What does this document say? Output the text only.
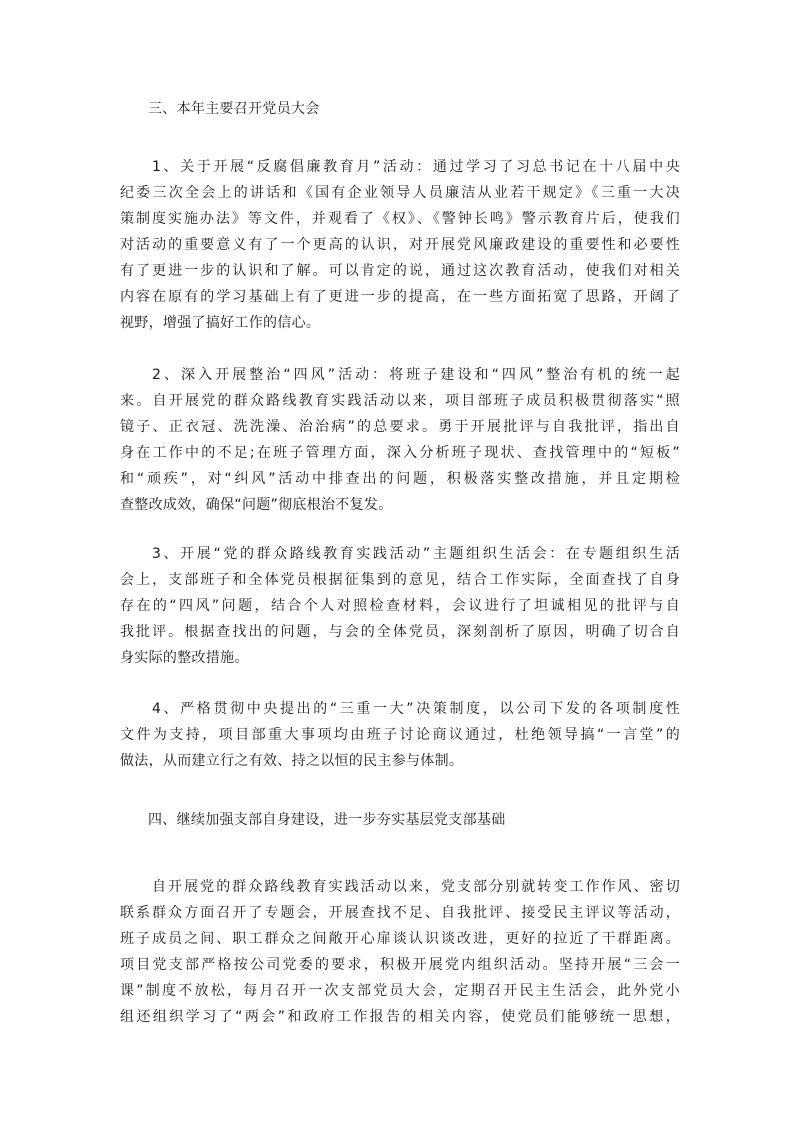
三、本年主要召开党员大会
1、关于开展“反腐倡廉教育月”活动：通过学习了习总书记在十八届中央
纪委三次全会上的讲话和《国有企业领导人员廉洁从业若干规定》《三重一大决
策制度实施办法》等文件，并观看了《权》、《警钟长鸣》警示教育片后，使我们
对活动的重要意义有了一个更高的认识，对开展党风廉政建设的重要性和必要性
有了更进一步的认识和了解。可以肯定的说，通过这次教育活动，使我们对相关
内容在原有的学习基础上有了更进一步的提高，在一些方面拓宽了思路，开阔了
视野，增强了搞好工作的信心。
2、深入开展整治“四风”活动：将班子建设和“四风”整治有机的统一起
来。自开展党的群众路线教育实践活动以来，项目部班子成员积极贯彻落实“照
镜子、正衣冠、洗洗澡、治治病”的总要求。勇于开展批评与自我批评，指出自
身在工作中的不足;在班子管理方面，深入分析班子现状、查找管理中的“短板”
和“顽疾”，对“纠风”活动中排查出的问题，积极落实整改措施，并且定期检
查整改成效，确保“问题”彻底根治不复发。
3、开展“党的群众路线教育实践活动”主题组织生活会：在专题组织生活
会上，支部班子和全体党员根据征集到的意见，结合工作实际，全面查找了自身
存在的“四风”问题，结合个人对照检查材料，会议进行了坦诚相见的批评与自
我批评。根据查找出的问题，与会的全体党员，深刻剖析了原因，明确了切合自
身实际的整改措施。
4、严格贯彻中央提出的“三重一大”决策制度，以公司下发的各项制度性
文件为支持，项目部重大事项均由班子讨论商议通过，杜绝领导搞“一言堂”的
做法，从而建立行之有效、持之以恒的民主参与体制。
四、继续加强支部自身建设，进一步夯实基层党支部基础
自开展党的群众路线教育实践活动以来，党支部分别就转变工作作风、密切
联系群众方面召开了专题会，开展查找不足、自我批评、接受民主评议等活动，
班子成员之间、职工群众之间敞开心扉谈认识谈改进，更好的拉近了干群距离。
项目党支部严格按公司党委的要求，积极开展党内组织活动。坚持开展“三会一
课”制度不放松，每月召开一次支部党员大会，定期召开民主生活会，此外党小
组还组织学习了“两会”和政府工作报告的相关内容，使党员们能够统一思想，
